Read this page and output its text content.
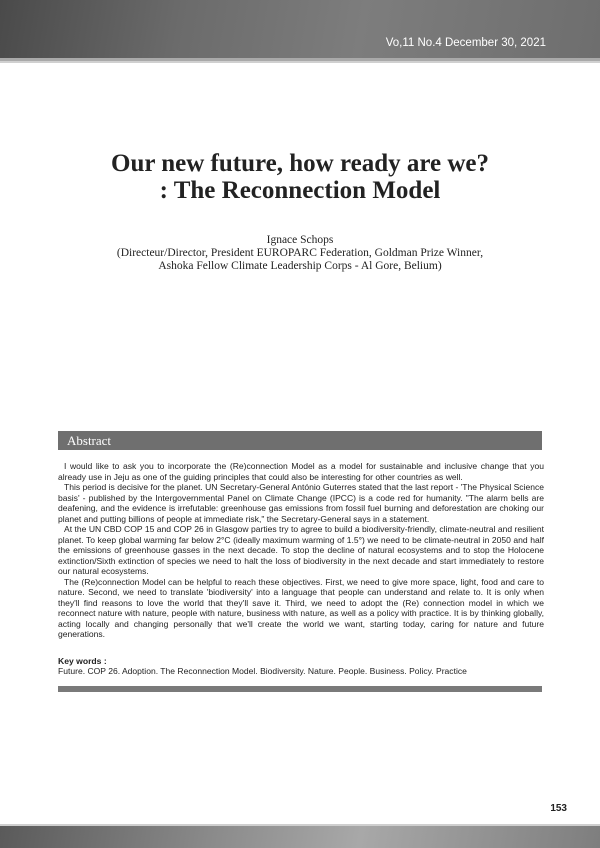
Vo,11 No.4 December 30, 2021
Our new future, how ready are we?
: The Reconnection Model
Ignace Schops
(Directeur/Director, President EUROPARC Federation, Goldman Prize Winner,
Ashoka Fellow Climate Leadership Corps - Al Gore, Belium)
Abstract

I would like to ask you to incorporate the (Re)connection Model as a model for sustainable and inclusive change that you already use in Jeju as one of the guiding principles that could also be interesting for other countries as well.

This period is decisive for the planet. UN Secretary-General António Guterres stated that the last report - 'The Physical Science basis' - published by the Intergovernmental Panel on Climate Change (IPCC) is a code red for humanity. "The alarm bells are deafening, and the evidence is irrefutable: greenhouse gas emissions from fossil fuel burning and deforestation are choking our planet and putting billions of people at immediate risk," the Secretary-General says in a statement.

At the UN CBD COP 15 and COP 26 in Glasgow parties try to agree to build a biodiversity-friendly, climate-neutral and resilient planet. To keep global warming far below 2°C (ideally maximum warming of 1.5°) we need to be climate-neutral in 2050 and half the emissions of greenhouse gasses in the next decade. To stop the decline of natural ecosystems and to stop the Holocene extinction/Sixth extinction of species we need to halt the loss of biodiversity in the next decade and start immediately to restore our natural ecosystems.

The (Re)connection Model can be helpful to reach these objectives. First, we need to give more space, light, food and care to nature. Second, we need to translate 'biodiversity' into a language that people can understand and relate to. It is only when they'll find reasons to love the world that they'll save it. Third, we need to adopt the (Re) connection model in which we reconnect nature with nature, people with nature, business with nature, as well as a policy with practice. It is by thinking globally, acting locally and changing personally that we'll create the world we want, starting today, caring for nature and future generations.

Key words :
Future. COP 26. Adoption. The Reconnection Model. Biodiversity. Nature. People. Business. Policy. Practice
153
